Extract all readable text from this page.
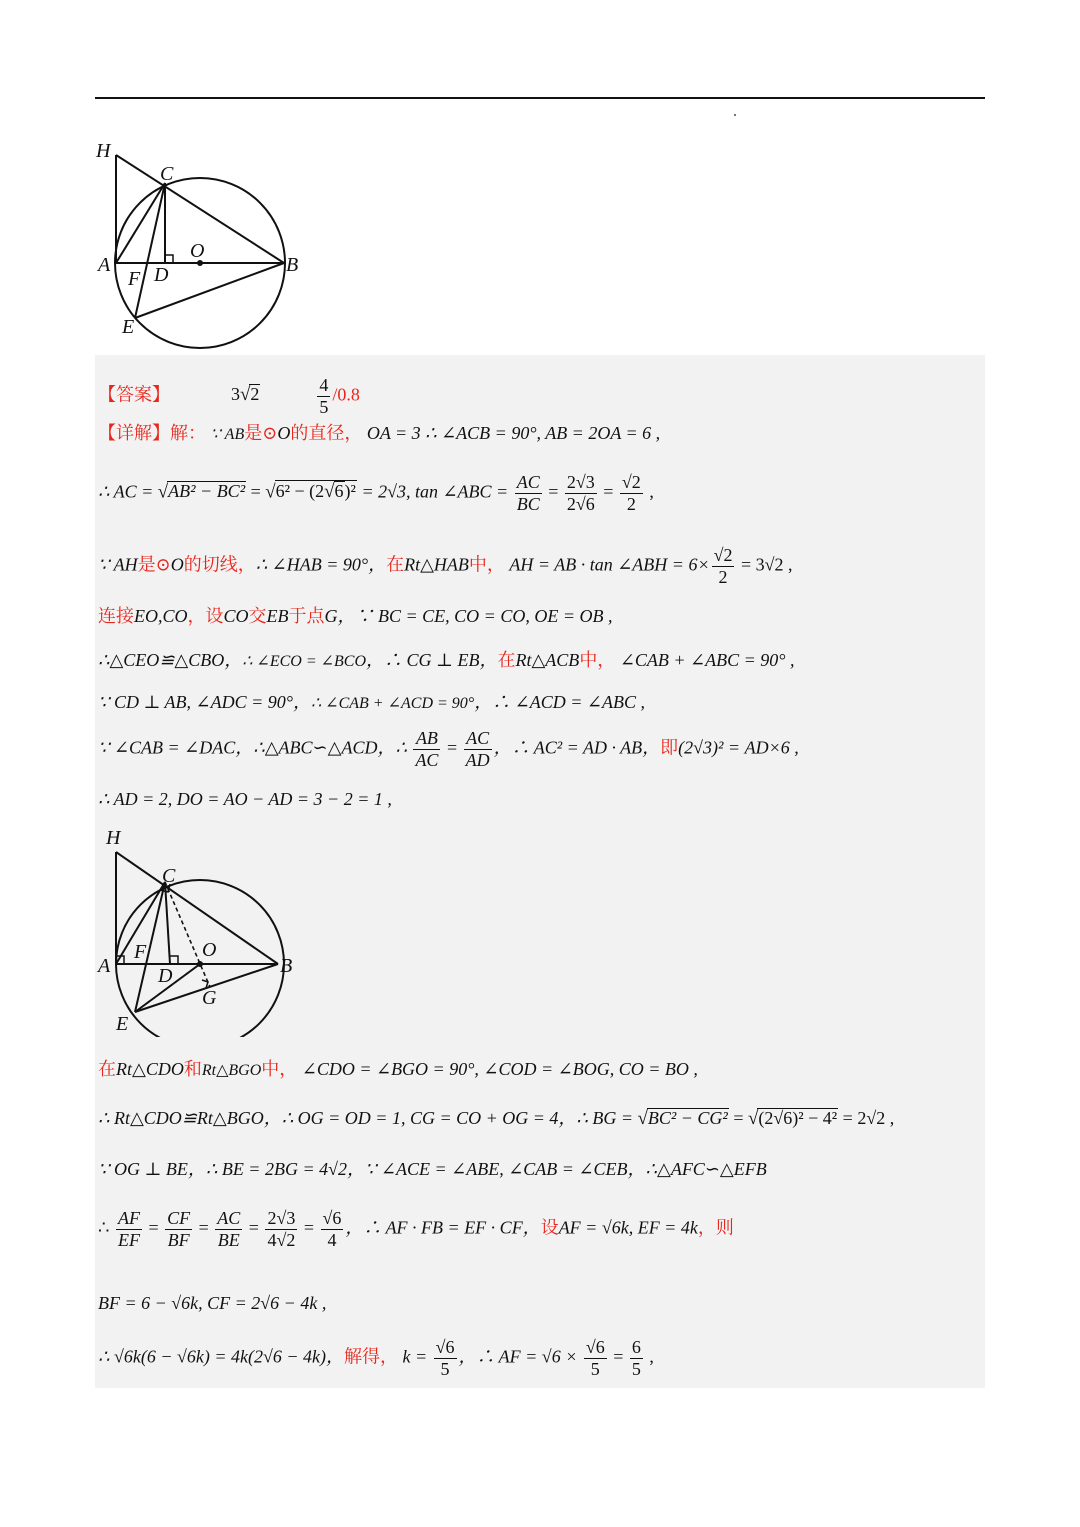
H
C
O
A	B
F D
E
【答案】	3√2	$\frac{4}{5} /0.8$
【详解】解： ∵ AB是⊙O的直径， OA = 3 ∴ ∠ACB = 90°, AB = 2OA = 6 ,
∴ AC = √AB² − BC² = √6² − (2√6)² = 2√3, tan ∠ABC = $\frac{AC}{BC} = \frac{2√3}{2√6} = \frac{√2}{2}$ ,
∵ AH是⊙O的切线，∴ ∠HAB = 90°，在Rt△HAB中， AH = AB · tan ∠ABH = $6\times \frac{√2}{2} = 3√2$ ,
连接EO,CO，设CO交EB于点G，∵ BC = CE, CO = CO, OE = OB ,
∴△CEO≌△CBO，∴ ∠ECO = ∠BCO，∴ CG ⊥ EB，在Rt△ACB中， ∠CAB + ∠ABC = 90° ,
∵ CD ⊥ AB, ∠ADC = 90°，∴ ∠CAB + ∠ACD = 90°，∴ ∠ACD = ∠ABC ,
∵ ∠CAB = ∠DAC，∴△ABC∽△ACD，∴ $\frac{AB}{AC} = \frac{AC}{AD}$ ，∴ AC² = AD · AB，即(2√3)² = AD×6 ,
∴ AD = 2, DO = AO − AD = 3 − 2 = 1 ,
H
C
O
A	B
F
D
G
E
在Rt△CDO和Rt△BGO中， ∠CDO = ∠BGO = 90°, ∠COD = ∠BOG, CO = BO ,
∴ Rt△CDO≌Rt△BGO，∴ OG = OD = 1, CG = CO + OG = 4，∴ BG = √BC² − CG² = √(2√6)² − 4² = 2√2 ,
∵ OG ⊥ BE，∴ BE = 2BG = 4√2，∵ ∠ACE = ∠ABE, ∠CAB = ∠CEB，∴△AFC∽△EFB
∴ $\frac{AF}{EF} = \frac{CF}{BF} = \frac{AC}{BE} = \frac{2√3}{4√2} = \frac{√6}{4}$ ，∴ AF · FB = EF · CF，设AF = √6k, EF = 4k，则
BF = 6 − √6k, CF = 2√6 − 4k ,
∴ √6k(6 − √6k) = 4k(2√6 − 4k)，解得， $k = \frac{√6}{5}$ ，∴ AF = $√6 \times \frac{√6}{5} = \frac{6}{5}$ ,
